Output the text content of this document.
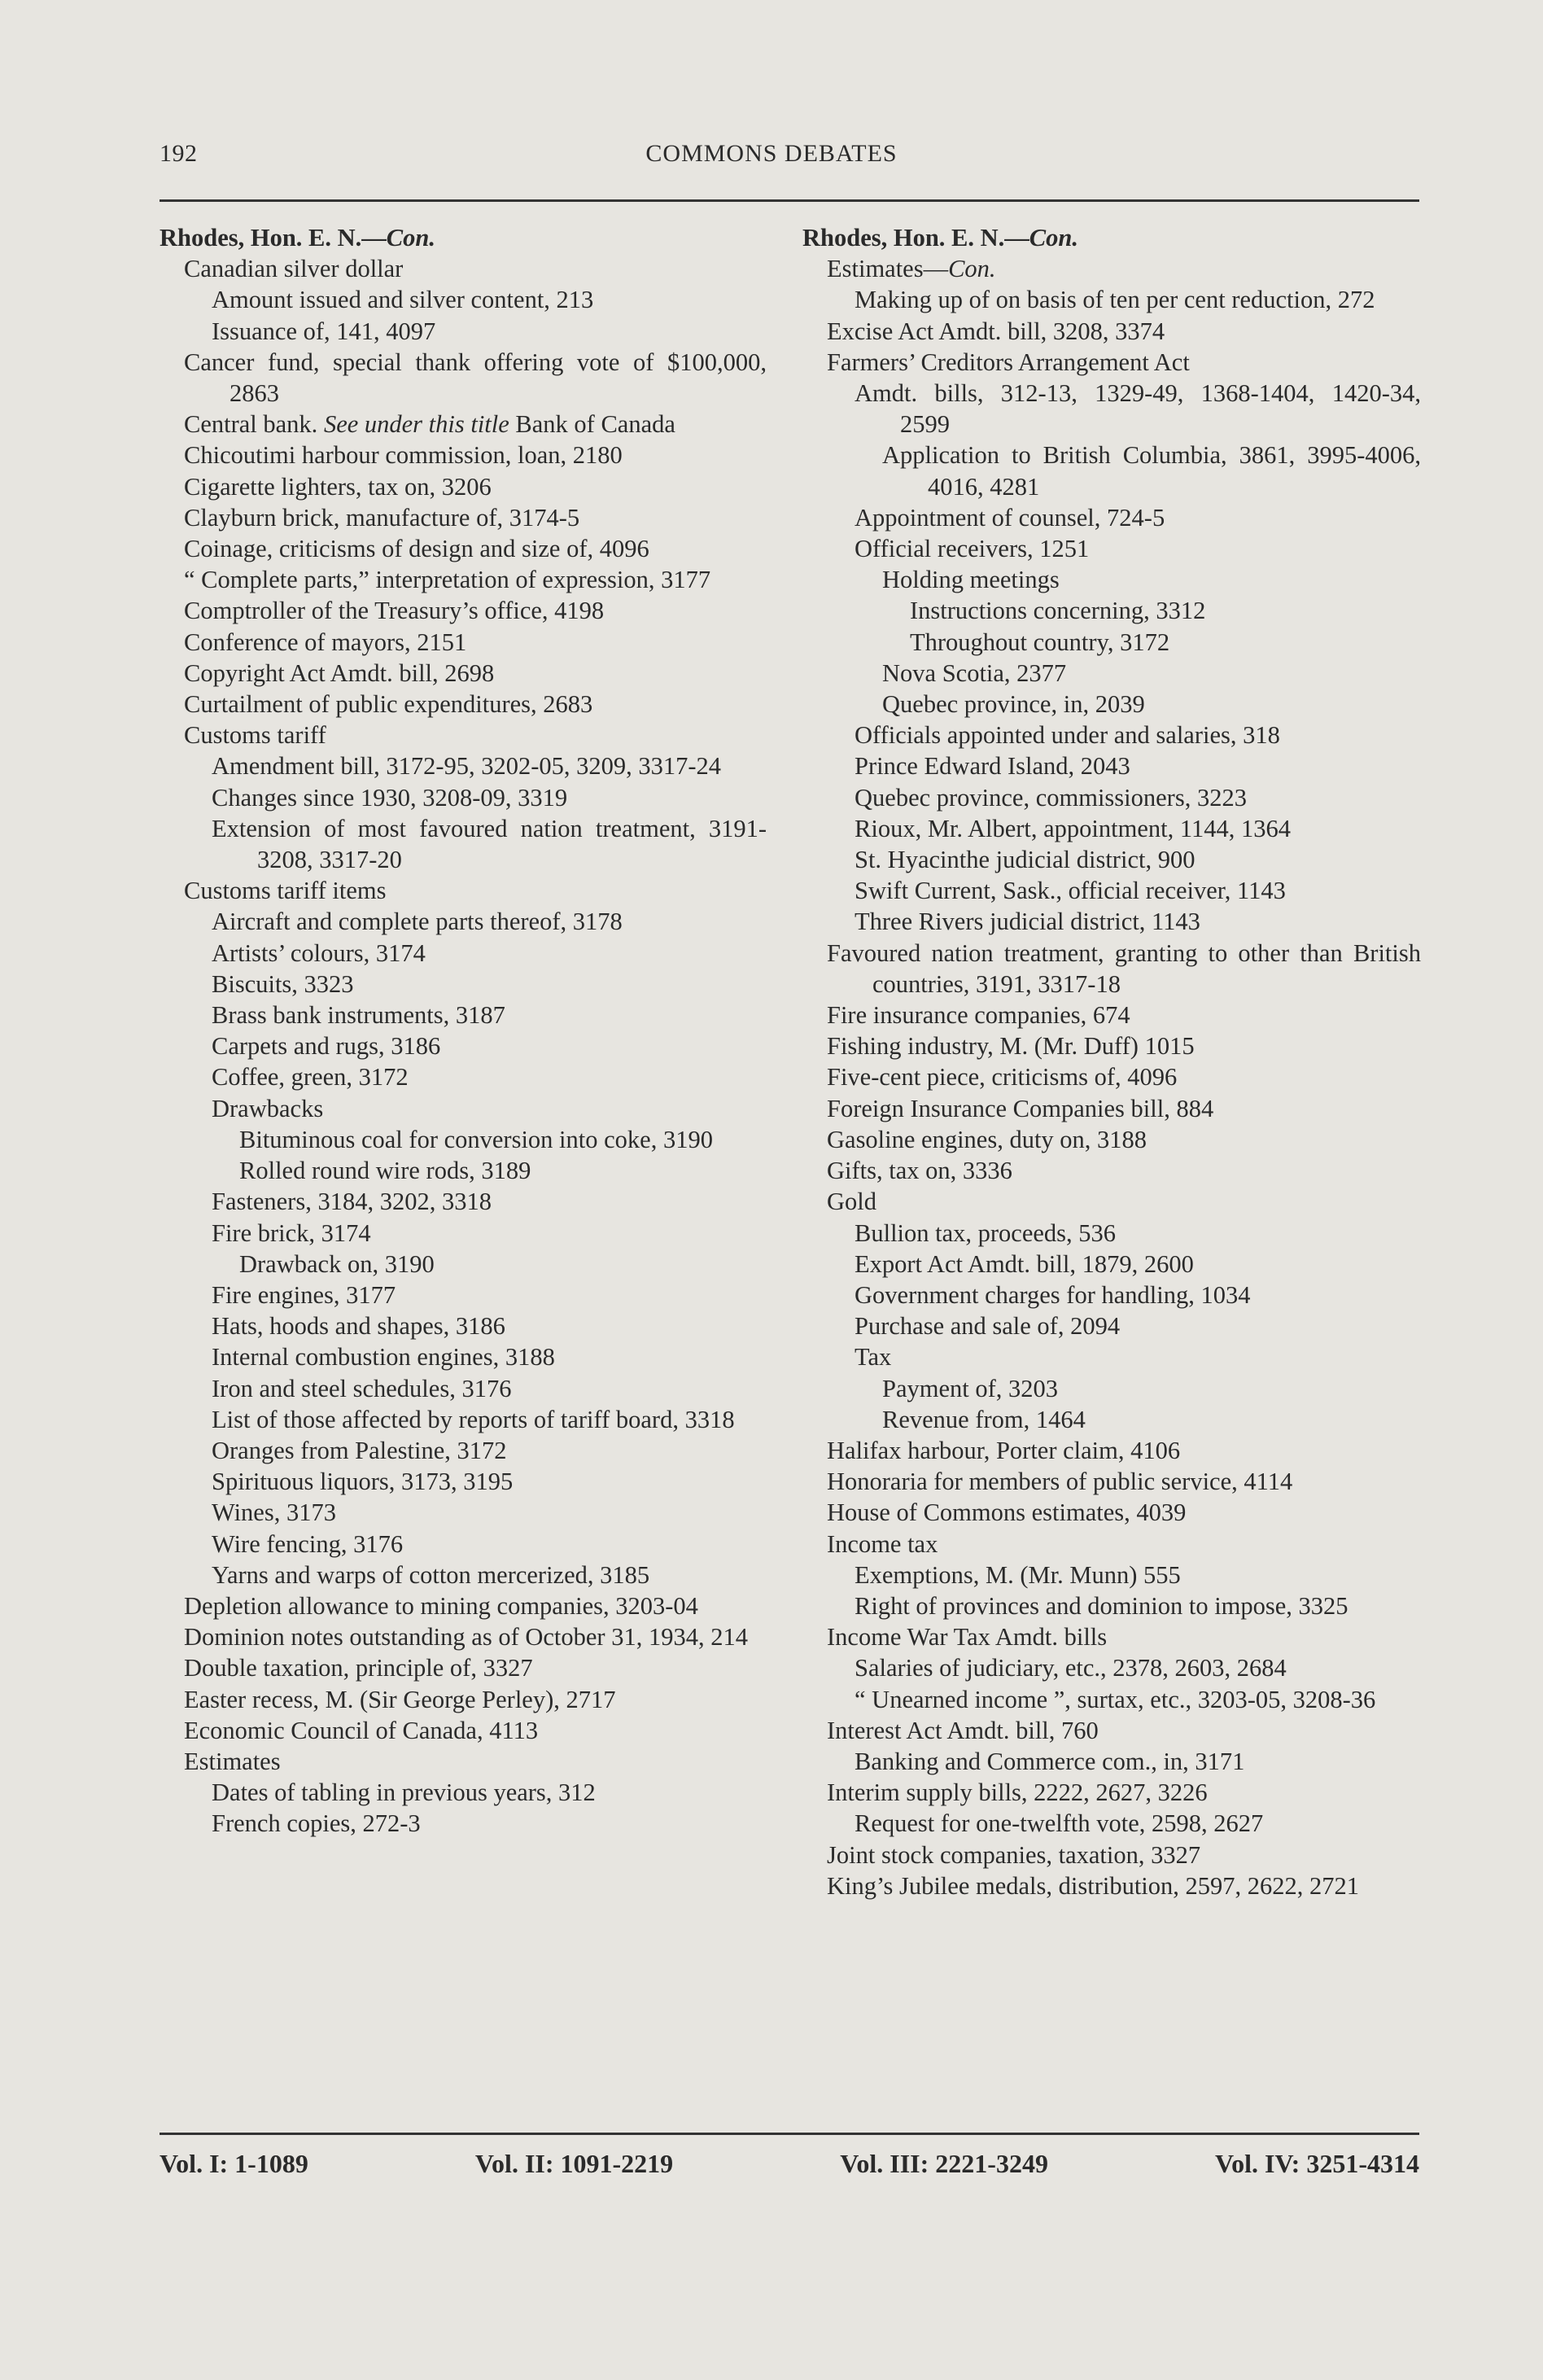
192	COMMONS DEBATES
Rhodes, Hon. E. N.—Con.
Canadian silver dollar
Amount issued and silver content, 213
Issuance of, 141, 4097
Cancer fund, special thank offering vote of $100,000, 2863
Central bank. See under this title Bank of Canada
Chicoutimi harbour commission, loan, 2180
Cigarette lighters, tax on, 3206
Clayburn brick, manufacture of, 3174-5
Coinage, criticisms of design and size of, 4096
“ Complete parts,” interpretation of expression, 3177
Comptroller of the Treasury’s office, 4198
Conference of mayors, 2151
Copyright Act Amdt. bill, 2698
Curtailment of public expenditures, 2683
Customs tariff
Amendment bill, 3172-95, 3202-05, 3209, 3317-24
Changes since 1930, 3208-09, 3319
Extension of most favoured nation treatment, 3191-3208, 3317-20
Customs tariff items
Aircraft and complete parts thereof, 3178
Artists’ colours, 3174
Biscuits, 3323
Brass bank instruments, 3187
Carpets and rugs, 3186
Coffee, green, 3172
Drawbacks
Bituminous coal for conversion into coke, 3190
Rolled round wire rods, 3189
Fasteners, 3184, 3202, 3318
Fire brick, 3174
Drawback on, 3190
Fire engines, 3177
Hats, hoods and shapes, 3186
Internal combustion engines, 3188
Iron and steel schedules, 3176
List of those affected by reports of tariff board, 3318
Oranges from Palestine, 3172
Spirituous liquors, 3173, 3195
Wines, 3173
Wire fencing, 3176
Yarns and warps of cotton mercerized, 3185
Depletion allowance to mining companies, 3203-04
Dominion notes outstanding as of October 31, 1934, 214
Double taxation, principle of, 3327
Easter recess, M. (Sir George Perley), 2717
Economic Council of Canada, 4113
Estimates
Dates of tabling in previous years, 312
French copies, 272-3
Rhodes, Hon. E. N.—Con.
Estimates—Con.
Making up of on basis of ten per cent reduction, 272
Excise Act Amdt. bill, 3208, 3374
Farmers’ Creditors Arrangement Act
Amdt. bills, 312-13, 1329-49, 1368-1404, 1420-34, 2599
Application to British Columbia, 3861, 3995-4006, 4016, 4281
Appointment of counsel, 724-5
Official receivers, 1251
Holding meetings
Instructions concerning, 3312
Throughout country, 3172
Nova Scotia, 2377
Quebec province, in, 2039
Officials appointed under and salaries, 318
Prince Edward Island, 2043
Quebec province, commissioners, 3223
Rioux, Mr. Albert, appointment, 1144, 1364
St. Hyacinthe judicial district, 900
Swift Current, Sask., official receiver, 1143
Three Rivers judicial district, 1143
Favoured nation treatment, granting to other than British countries, 3191, 3317-18
Fire insurance companies, 674
Fishing industry, M. (Mr. Duff) 1015
Five-cent piece, criticisms of, 4096
Foreign Insurance Companies bill, 884
Gasoline engines, duty on, 3188
Gifts, tax on, 3336
Gold
Bullion tax, proceeds, 536
Export Act Amdt. bill, 1879, 2600
Government charges for handling, 1034
Purchase and sale of, 2094
Tax
Payment of, 3203
Revenue from, 1464
Halifax harbour, Porter claim, 4106
Honoraria for members of public service, 4114
House of Commons estimates, 4039
Income tax
Exemptions, M. (Mr. Munn) 555
Right of provinces and dominion to impose, 3325
Income War Tax Amdt. bills
Salaries of judiciary, etc., 2378, 2603, 2684
“ Unearned income ”, surtax, etc., 3203-05, 3208-36
Interest Act Amdt. bill, 760
Banking and Commerce com., in, 3171
Interim supply bills, 2222, 2627, 3226
Request for one-twelfth vote, 2598, 2627
Joint stock companies, taxation, 3327
King’s Jubilee medals, distribution, 2597, 2622, 2721
Vol. I: 1-1089	Vol. II: 1091-2219	Vol. III: 2221-3249	Vol. IV: 3251-4314
